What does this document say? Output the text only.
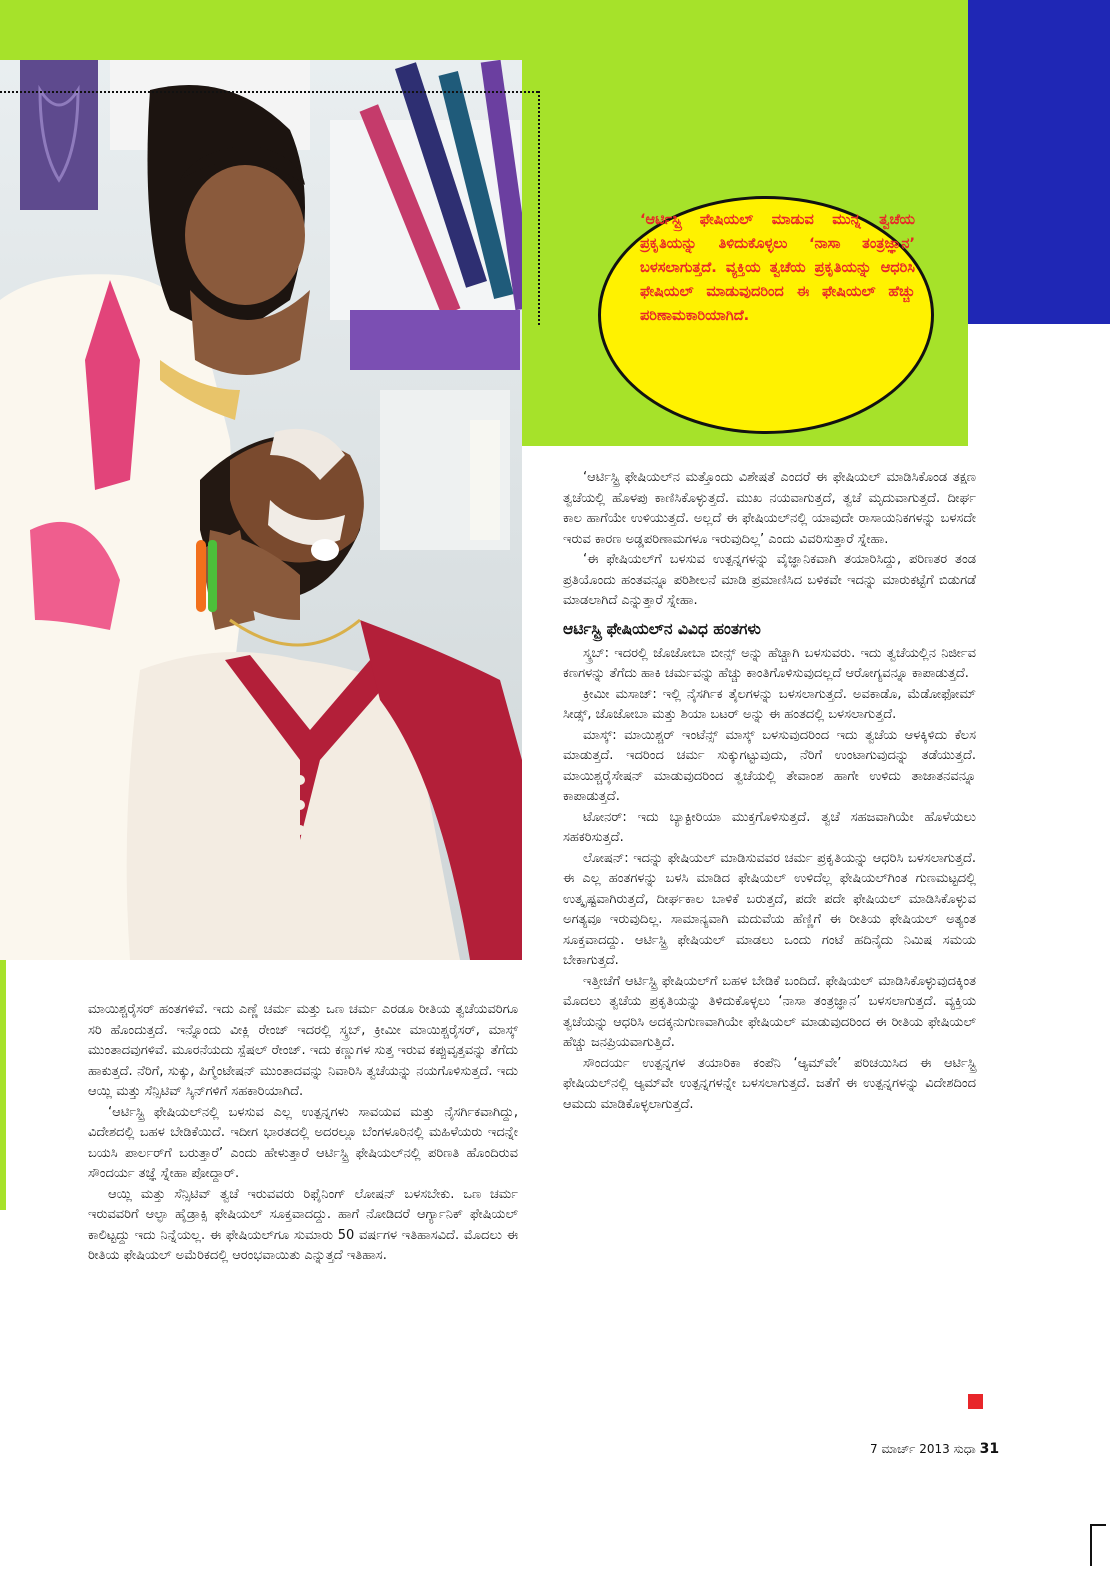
‘ಆರ್ಟಿಸ್ಟ್ರಿ ಫೇಷಿಯಲ್ ಮಾಡುವ ಮುನ್ನ ತ್ವಚೆಯ ಪ್ರಕೃತಿಯನ್ನು ತಿಳಿದುಕೊಳ್ಳಲು ‘ನಾಸಾ ತಂತ್ರಜ್ಞಾನ’ ಬಳಸಲಾಗುತ್ತದೆ. ವ್ಯಕ್ತಿಯ ತ್ವಚೆಯ ಪ್ರಕೃತಿಯನ್ನು ಆಧರಿಸಿ ಫೇಷಿಯಲ್ ಮಾಡುವುದರಿಂದ ಈ ಫೇಷಿಯಲ್ ಹೆಚ್ಚು ಪರಿಣಾಮಕಾರಿಯಾಗಿದೆ.

‘ಆರ್ಟಿಸ್ಟ್ರಿ ಫೇಷಿಯಲ್‌ನ ಮತ್ತೊಂದು ವಿಶೇಷತೆ ಎಂದರೆ ಈ ಫೇಷಿಯಲ್ ಮಾಡಿಸಿಕೊಂಡ ತಕ್ಷಣ ತ್ವಚೆಯಲ್ಲಿ ಹೊಳಪು ಕಾಣಿಸಿಕೊಳ್ಳುತ್ತದೆ. ಮುಖ ನಯವಾಗುತ್ತದೆ, ತ್ವಚೆ ಮೃದುವಾಗುತ್ತದೆ. ದೀರ್ಘ ಕಾಲ ಹಾಗೆಯೇ ಉಳಿಯುತ್ತದೆ. ಅಲ್ಲದೆ ಈ ಫೇಷಿಯಲ್‌ನಲ್ಲಿ ಯಾವುದೇ ರಾಸಾಯನಿಕಗಳನ್ನು ಬಳಸದೇ ಇರುವ ಕಾರಣ ಅಡ್ಡಪರಿಣಾಮಗಳೂ ಇರುವುದಿಲ್ಲ’ ಎಂದು ವಿವರಿಸುತ್ತಾರೆ ಸ್ನೇಹಾ.

‘ಈ ಫೇಷಿಯಲ್‌ಗೆ ಬಳಸುವ ಉತ್ಪನ್ನಗಳನ್ನು ವೈಜ್ಞಾನಿಕವಾಗಿ ತಯಾರಿಸಿದ್ದು, ಪರಿಣತರ ತಂಡ ಪ್ರತಿಯೊಂದು ಹಂತವನ್ನೂ ಪರಿಶೀಲನೆ ಮಾಡಿ ಪ್ರಮಾಣಿಸಿದ ಬಳಿಕವೇ ಇದನ್ನು ಮಾರುಕಟ್ಟೆಗೆ ಬಿಡುಗಡೆ ಮಾಡಲಾಗಿದೆ ಎನ್ನುತ್ತಾರೆ ಸ್ನೇಹಾ.

ಆರ್ಟಿಸ್ಟ್ರಿ ಫೇಷಿಯಲ್‌ನ ವಿವಿಧ ಹಂತಗಳು

ಸ್ಕ್ರಬ್: ಇದರಲ್ಲಿ ಜೊಜೋಬಾ ಬೀನ್ಸ್ ಅನ್ನು ಹೆಚ್ಚಾಗಿ ಬಳಸುವರು. ಇದು ತ್ವಚೆಯಲ್ಲಿನ ನಿರ್ಜೀವ ಕಣಗಳನ್ನು ತೆಗೆದು ಹಾಕಿ ಚರ್ಮವನ್ನು ಹೆಚ್ಚು ಕಾಂತಿಗೊಳಿಸುವುದಲ್ಲದೆ ಆರೋಗ್ಯವನ್ನೂ ಕಾಪಾಡುತ್ತದೆ.

ಕ್ರೀಮೀ ಮಸಾಜ್: ಇಲ್ಲಿ ನೈಸರ್ಗಿಕ ತೈಲಗಳನ್ನು ಬಳಸಲಾಗುತ್ತದೆ. ಅವಕಾಡೊ, ಮೆಡೋಫೋಮ್ ಸೀಡ್ಸ್, ಜೊಜೋಬಾ ಮತ್ತು ಶಿಯಾ ಬಟರ್ ಅನ್ನು ಈ ಹಂತದಲ್ಲಿ ಬಳಸಲಾಗುತ್ತದೆ.

ಮಾಸ್ಕ್: ಮಾಯಿಶ್ಚರ್ ಇಂಟೆನ್ಸ್ ಮಾಸ್ಕ್ ಬಳಸುವುದರಿಂದ ಇದು ತ್ವಚೆಯ ಆಳಕ್ಕಿಳಿದು ಕೆಲಸ ಮಾಡುತ್ತದೆ. ಇದರಿಂದ ಚರ್ಮ ಸುಕ್ಕುಗಟ್ಟುವುದು, ನೆರಿಗೆ ಉಂಟಾಗುವುದನ್ನು ತಡೆಯುತ್ತದೆ. ಮಾಯಿಶ್ಚರೈಸೇಷನ್ ಮಾಡುವುದರಿಂದ ತ್ವಚೆಯಲ್ಲಿ ತೇವಾಂಶ ಹಾಗೇ ಉಳಿದು ತಾಜಾತನವನ್ನೂ ಕಾಪಾಡುತ್ತದೆ.

ಟೋನರ್: ಇದು ಬ್ಯಾಕ್ಟೀರಿಯಾ ಮುಕ್ತಗೊಳಿಸುತ್ತದೆ. ತ್ವಚೆ ಸಹಜವಾಗಿಯೇ ಹೊಳೆಯಲು ಸಹಕರಿಸುತ್ತದೆ.

ಲೋಷನ್: ಇದನ್ನು ಫೇಷಿಯಲ್ ಮಾಡಿಸುವವರ ಚರ್ಮ ಪ್ರಕೃತಿಯನ್ನು ಆಧರಿಸಿ ಬಳಸಲಾಗುತ್ತದೆ. ಈ ಎಲ್ಲ ಹಂತಗಳನ್ನು ಬಳಸಿ ಮಾಡಿದ ಫೇಷಿಯಲ್ ಉಳಿದೆಲ್ಲ ಫೇಷಿಯಲ್‌ಗಿಂತ ಗುಣಮಟ್ಟದಲ್ಲಿ ಉತ್ಕೃಷ್ಟವಾಗಿರುತ್ತದೆ, ದೀರ್ಘಕಾಲ ಬಾಳಿಕೆ ಬರುತ್ತದೆ, ಪದೇ ಪದೇ ಫೇಷಿಯಲ್ ಮಾಡಿಸಿಕೊಳ್ಳುವ ಅಗತ್ಯವೂ ಇರುವುದಿಲ್ಲ. ಸಾಮಾನ್ಯವಾಗಿ ಮದುವೆಯ ಹೆಣ್ಣಿಗೆ ಈ ರೀತಿಯ ಫೇಷಿಯಲ್ ಅತ್ಯಂತ ಸೂಕ್ತವಾದದ್ದು. ಆರ್ಟಿಸ್ಟ್ರಿ ಫೇಷಿಯಲ್ ಮಾಡಲು ಒಂದು ಗಂಟೆ ಹದಿನೈದು ನಿಮಿಷ ಸಮಯ ಬೇಕಾಗುತ್ತದೆ.

ಇತ್ತೀಚೆಗೆ ಆರ್ಟಿಸ್ಟ್ರಿ ಫೇಷಿಯಲ್‌ಗೆ ಬಹಳ ಬೇಡಿಕೆ ಬಂದಿದೆ. ಫೇಷಿಯಲ್ ಮಾಡಿಸಿಕೊಳ್ಳುವುದಕ್ಕಿಂತ ಮೊದಲು ತ್ವಚೆಯ ಪ್ರಕೃತಿಯನ್ನು ತಿಳಿದುಕೊಳ್ಳಲು ‘ನಾಸಾ ತಂತ್ರಜ್ಞಾನ’ ಬಳಸಲಾಗುತ್ತದೆ. ವ್ಯಕ್ತಿಯ ತ್ವಚೆಯನ್ನು ಆಧರಿಸಿ ಅದಕ್ಕನುಗುಣವಾಗಿಯೇ ಫೇಷಿಯಲ್ ಮಾಡುವುದರಿಂದ ಈ ರೀತಿಯ ಫೇಷಿಯಲ್ ಹೆಚ್ಚು ಜನಪ್ರಿಯವಾಗುತ್ತಿದೆ.

ಸೌಂದರ್ಯ ಉತ್ಪನ್ನಗಳ ತಯಾರಿಕಾ ಕಂಪೆನಿ ‘ಆ್ಯಮ್‌ವೇ’ ಪರಿಚಯಿಸಿದ ಈ ಆರ್ಟಿಸ್ಟ್ರಿ ಫೇಷಿಯಲ್‌ನಲ್ಲಿ ಆ್ಯಮ್‌ವೇ ಉತ್ಪನ್ನಗಳನ್ನೇ ಬಳಸಲಾಗುತ್ತದೆ. ಜತೆಗೆ ಈ ಉತ್ಪನ್ನಗಳನ್ನು ವಿದೇಶದಿಂದ ಆಮದು ಮಾಡಿಕೊಳ್ಳಲಾಗುತ್ತದೆ.

ಮಾಯಿಶ್ಚರೈಸರ್ ಹಂತಗಳಿವೆ. ಇದು ಎಣ್ಣೆ ಚರ್ಮ ಮತ್ತು ಒಣ ಚರ್ಮ ಎರಡೂ ರೀತಿಯ ತ್ವಚೆಯವರಿಗೂ ಸರಿ ಹೊಂದುತ್ತದೆ. ಇನ್ನೊಂದು ವೀಕ್ಲಿ ರೇಂಜ್ ಇದರಲ್ಲಿ ಸ್ಕ್ರಬ್, ಕ್ರೀಮೀ ಮಾಯಿಶ್ಚರೈಸರ್, ಮಾಸ್ಕ್ ಮುಂತಾದವುಗಳಿವೆ. ಮೂರನೆಯದು ಸ್ಪೆಷಲ್ ರೇಂಜ್. ಇದು ಕಣ್ಣುಗಳ ಸುತ್ತ ಇರುವ ಕಪ್ಪುವೃತ್ತವನ್ನು ತೆಗೆದು ಹಾಕುತ್ತದೆ. ನೆರಿಗೆ, ಸುಕ್ಕು, ಪಿಗ್ಮೆಂಟೇಷನ್ ಮುಂತಾದವನ್ನು ನಿವಾರಿಸಿ ತ್ವಚೆಯನ್ನು ನಯಗೊಳಿಸುತ್ತದೆ. ಇದು ಆಯ್ಲಿ ಮತ್ತು ಸೆನ್ಸಿಟಿವ್ ಸ್ಕಿನ್‌ಗಳಿಗೆ ಸಹಕಾರಿಯಾಗಿದೆ.

‘ಆರ್ಟಿಸ್ಟ್ರಿ ಫೇಷಿಯಲ್‌ನಲ್ಲಿ ಬಳಸುವ ಎಲ್ಲ ಉತ್ಪನ್ನಗಳು ಸಾವಯವ ಮತ್ತು ನೈಸರ್ಗಿಕವಾಗಿದ್ದು, ವಿದೇಶದಲ್ಲಿ ಬಹಳ ಬೇಡಿಕೆಯಿದೆ. ಇದೀಗ ಭಾರತದಲ್ಲಿ ಅದರಲ್ಲೂ ಬೆಂಗಳೂರಿನಲ್ಲಿ ಮಹಿಳೆಯರು ಇದನ್ನೇ ಬಯಸಿ ಪಾರ್ಲರ್‌ಗೆ ಬರುತ್ತಾರೆ’ ಎಂದು ಹೇಳುತ್ತಾರೆ ಆರ್ಟಿಸ್ಟ್ರಿ ಫೇಷಿಯಲ್‌ನಲ್ಲಿ ಪರಿಣತಿ ಹೊಂದಿರುವ ಸೌಂದರ್ಯ ತಜ್ಞೆ ಸ್ನೇಹಾ ಪೋದ್ದಾರ್.

ಆಯ್ಲಿ ಮತ್ತು ಸೆನ್ಸಿಟಿವ್ ತ್ವಚೆ ಇರುವವರು ರಿಫೈನಿಂಗ್ ಲೋಷನ್ ಬಳಸಬೇಕು. ಒಣ ಚರ್ಮ ಇರುವವರಿಗೆ ಆಲ್ಫಾ ಹೈಡ್ರಾಕ್ಸಿ ಫೇಷಿಯಲ್ ಸೂಕ್ತವಾದದ್ದು. ಹಾಗೆ ನೋಡಿದರೆ ಆರ್ಗ್ಯಾನಿಕ್ ಫೇಷಿಯಲ್ ಕಾಲಿಟ್ಟದ್ದು ಇದು ನಿನ್ನೆಯಲ್ಲ. ಈ ಫೇಷಿಯಲ್‌ಗೂ ಸುಮಾರು 50 ವರ್ಷಗಳ ಇತಿಹಾಸವಿದೆ. ಮೊದಲು ಈ ರೀತಿಯ ಫೇಷಿಯಲ್ ಅಮೆರಿಕದಲ್ಲಿ ಆರಂಭವಾಯಿತು ಎನ್ನುತ್ತದೆ ಇತಿಹಾಸ.

7 ಮಾರ್ಚ್ 2013 ಸುಧಾ 31
